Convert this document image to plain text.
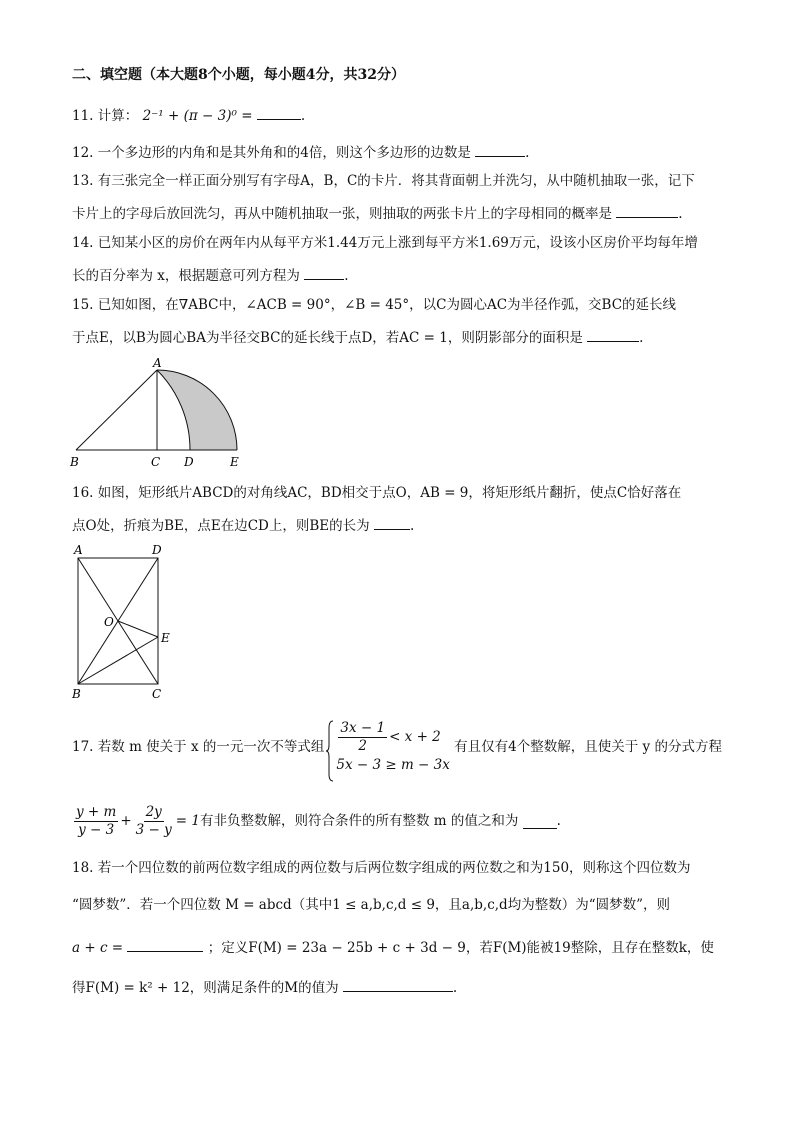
二、填空题（本大题8个小题，每小题4分，共32分）
11. 计算： 2⁻¹ + (π − 3)⁰ =	.
12. 一个多边形的内角和是其外角和的4倍，则这个多边形的边数是	.
13. 有三张完全一样正面分别写有字母A，B，C的卡片．将其背面朝上并洗匀，从中随机抽取一张，记下
卡片上的字母后放回洗匀，再从中随机抽取一张，则抽取的两张卡片上的字母相同的概率是	.
14. 已知某小区的房价在两年内从每平方米1.44万元上涨到每平方米1.69万元，设该小区房价平均每年增
长的百分率为 x，根据题意可列方程为	.
15. 已知如图，在∇ABC中，∠ACB = 90°，∠B = 45°，以C为圆心AC为半径作弧，交BC的延长线
于点E，以B为圆心BA为半径交BC的延长线于点D，若AC = 1，则阴影部分的面积是	.
A
B	C D	E
16. 如图，矩形纸片ABCD的对角线AC，BD相交于点O，AB = 9，将矩形纸片翻折，使点C恰好落在
点O处，折痕为BE，点E在边CD上，则BE的长为	.
A	D
O
E
B	C
17.
若数 m 使关于 x 的一元一次不等式组 $\frac{3x - 1}{2} < x + 2$
5x − 3 ≥ m − 3x

有且仅有4个整数解，且使关于 y 的分式方程
$\frac{y + m}{y - 3} + \frac{2y}{3 - y} = 1$ 有非负整数解，则符合条件的所有整数 m 的值之和为
	.
18. 若一个四位数的前两位数字组成的两位数与后两位数字组成的两位数之和为150，则称这个四位数为
“圆梦数”．若一个四位数 M = abcd（其中1 ≤ a,b,c,d ≤ 9，且a,b,c,d均为整数）为“圆梦数”，则
a + c =	；定义F(M) = 23a − 25b + c + 3d − 9，若F(M)能被19整除，且存在整数k，使
得F(M) = k² + 12，则满足条件的M的值为	.
